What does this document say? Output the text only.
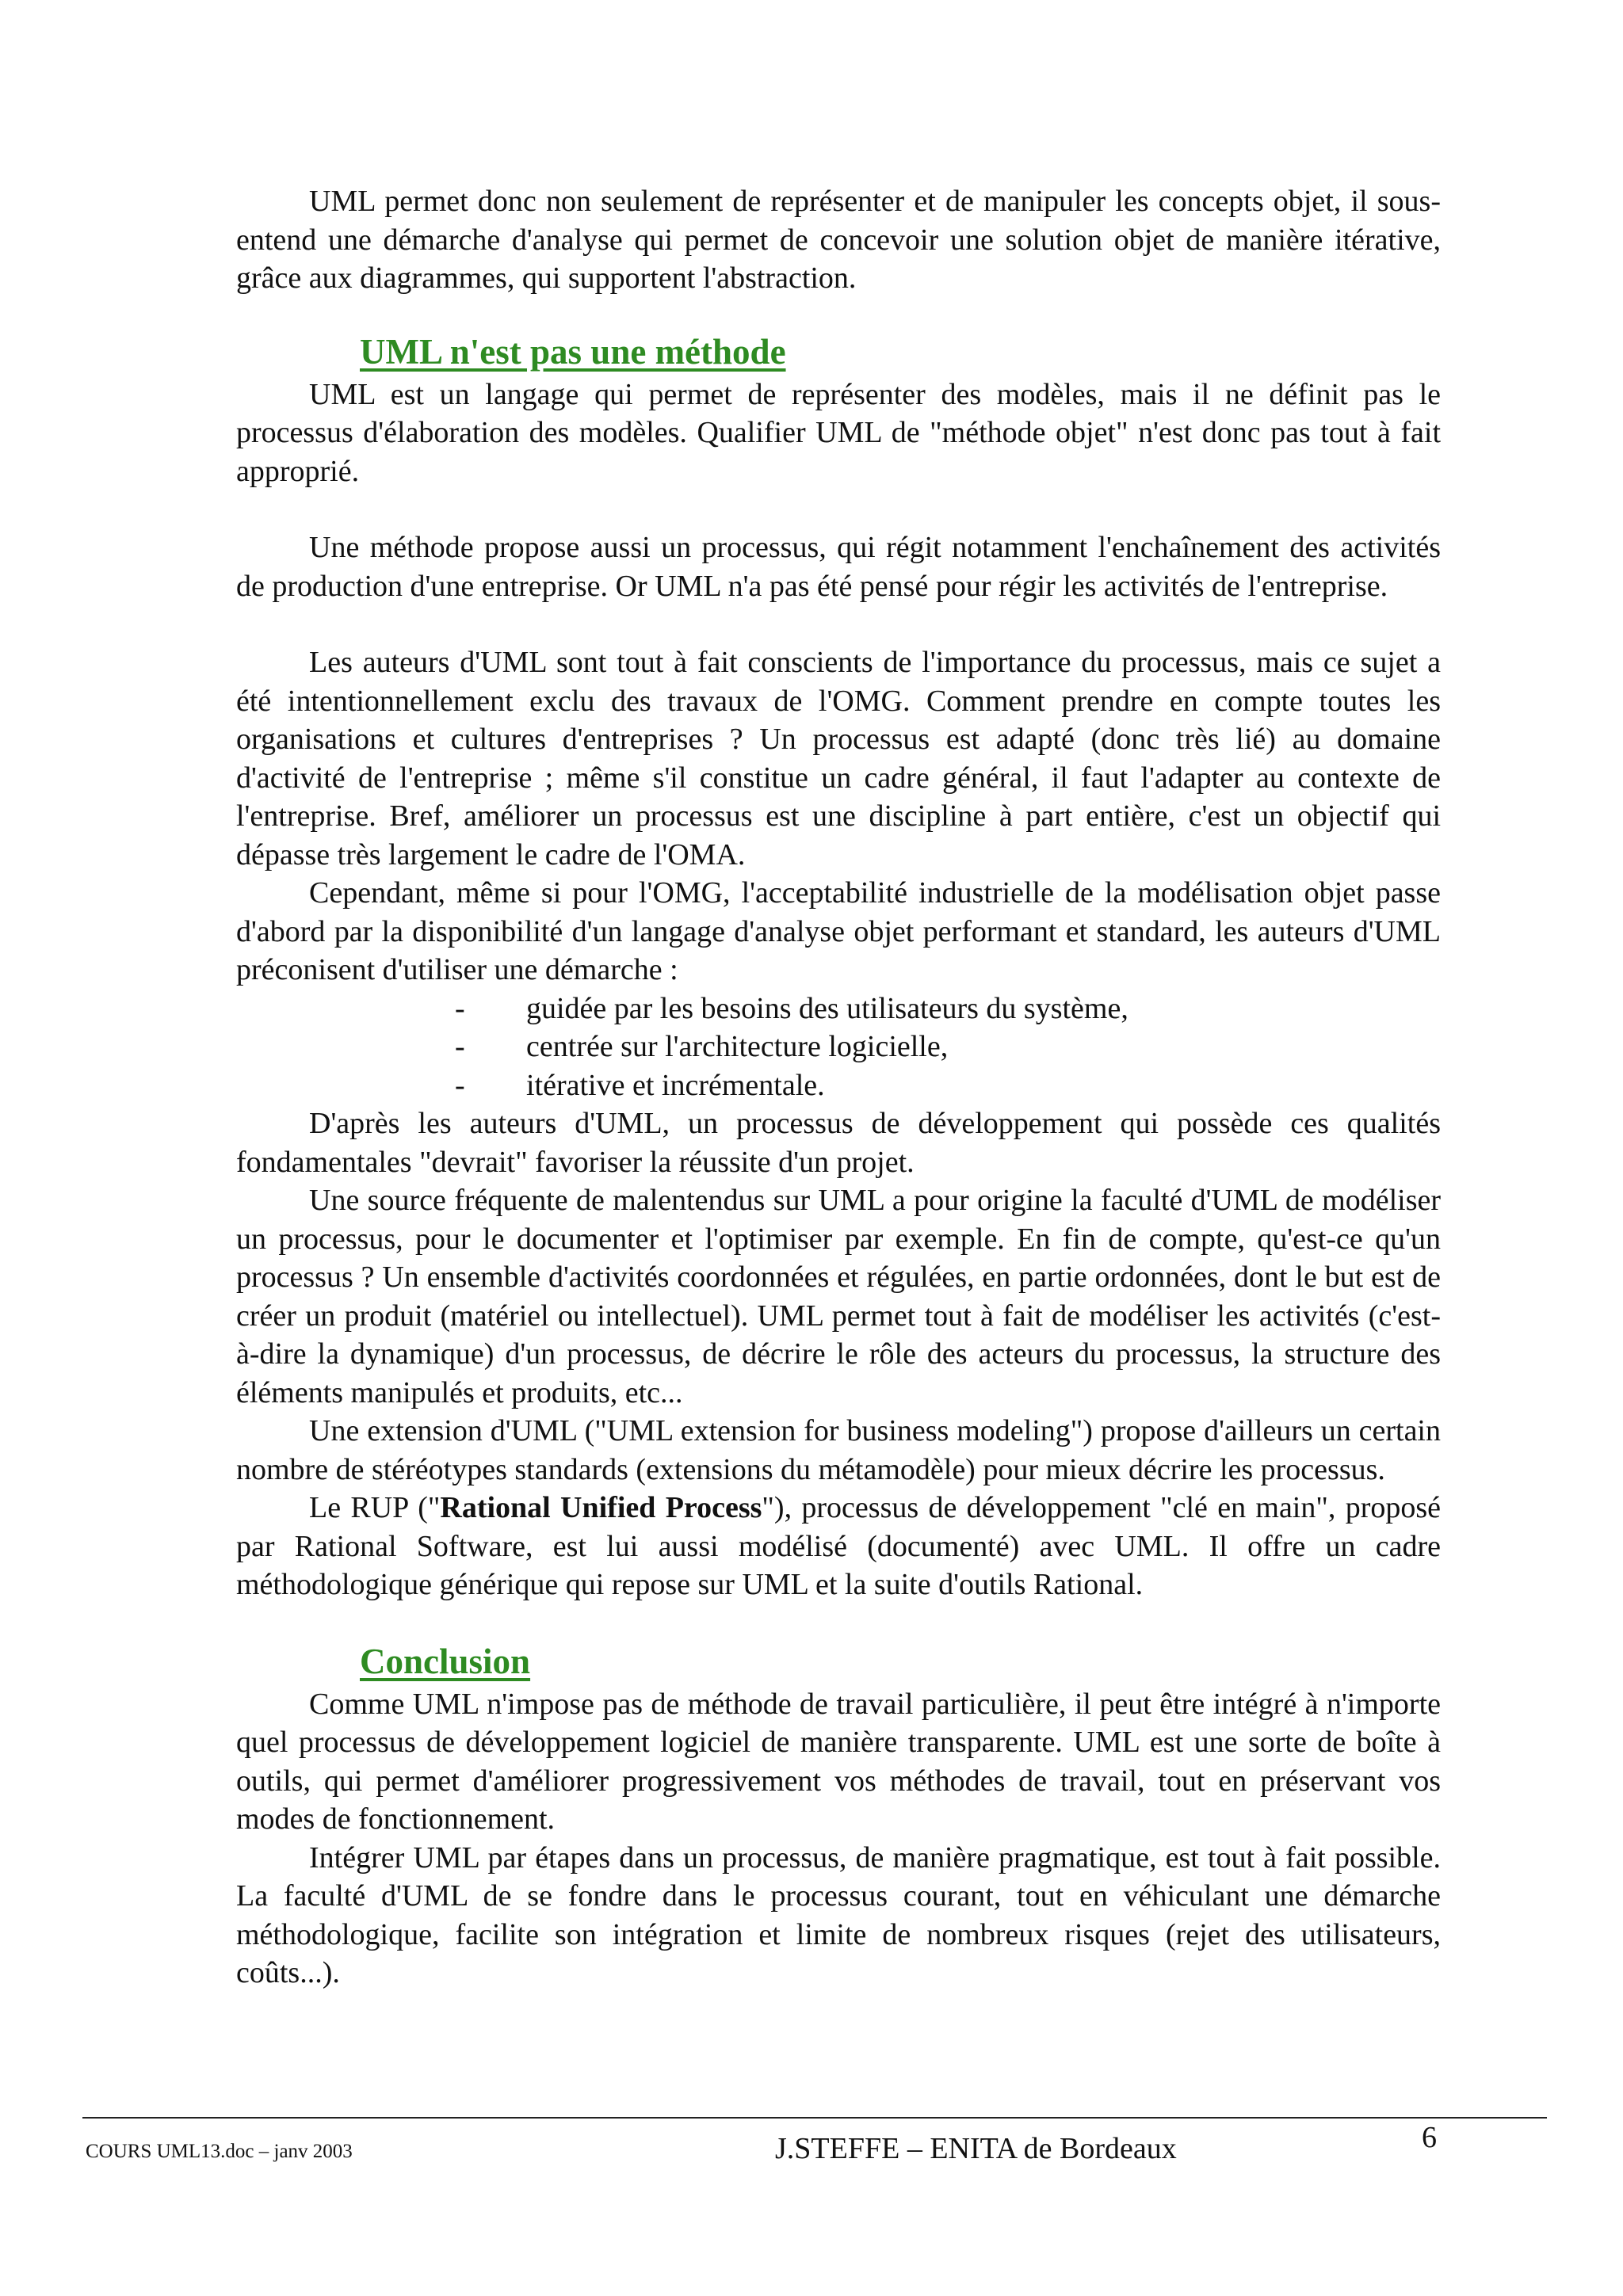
UML permet donc non seulement de représenter et de manipuler les concepts objet, il sous-entend une démarche d'analyse qui permet de concevoir une solution objet de manière itérative, grâce aux diagrammes, qui supportent l'abstraction.

UML n'est pas une méthode

UML est un langage qui permet de représenter des modèles, mais il ne définit pas le processus d'élaboration des modèles. Qualifier UML de "méthode objet" n'est donc pas tout à fait approprié.

Une méthode propose aussi un processus, qui régit notamment l'enchaînement des activités de production d'une entreprise. Or UML n'a pas été pensé pour régir les activités de l'entreprise.

Les auteurs d'UML sont tout à fait conscients de l'importance du processus, mais ce sujet a été intentionnellement exclu des travaux de l'OMG. Comment prendre en compte toutes les organisations et cultures d'entreprises ? Un processus est adapté (donc très lié) au domaine d'activité de l'entreprise ; même s'il constitue un cadre général, il faut l'adapter au contexte de l'entreprise. Bref, améliorer un processus est une discipline à part entière, c'est un objectif qui dépasse très largement le cadre de l'OMA.

Cependant, même si pour l'OMG, l'acceptabilité industrielle de la modélisation objet passe d'abord par la disponibilité d'un langage d'analyse objet performant et standard, les auteurs d'UML préconisent d'utiliser une démarche :

- guidée par les besoins des utilisateurs du système,
- centrée sur l'architecture logicielle,
- itérative et incrémentale.

D'après les auteurs d'UML, un processus de développement qui possède ces qualités fondamentales "devrait" favoriser la réussite d'un projet.

Une source fréquente de malentendus sur UML a pour origine la faculté d'UML de modéliser un processus, pour le documenter et l'optimiser par exemple. En fin de compte, qu'est-ce qu'un processus ? Un ensemble d'activités coordonnées et régulées, en partie ordonnées, dont le but est de créer un produit (matériel ou intellectuel). UML permet tout à fait de modéliser les activités (c'est-à-dire la dynamique) d'un processus, de décrire le rôle des acteurs du processus, la structure des éléments manipulés et produits, etc...

Une extension d'UML ("UML extension for business modeling") propose d'ailleurs un certain nombre de stéréotypes standards (extensions du métamodèle) pour mieux décrire les processus.

Le RUP ("Rational Unified Process"), processus de développement "clé en main", proposé par Rational Software, est lui aussi modélisé (documenté) avec UML. Il offre un cadre méthodologique générique qui repose sur UML et la suite d'outils Rational.

Conclusion

Comme UML n'impose pas de méthode de travail particulière, il peut être intégré à n'importe quel processus de développement logiciel de manière transparente. UML est une sorte de boîte à outils, qui permet d'améliorer progressivement vos méthodes de travail, tout en préservant vos modes de fonctionnement.

Intégrer UML par étapes dans un processus, de manière pragmatique, est tout à fait possible. La faculté d'UML de se fondre dans le processus courant, tout en véhiculant une démarche méthodologique, facilite son intégration et limite de nombreux risques (rejet des utilisateurs, coûts...).

COURS UML13.doc – janv 2003	J.STEFFE – ENITA de Bordeaux	6
